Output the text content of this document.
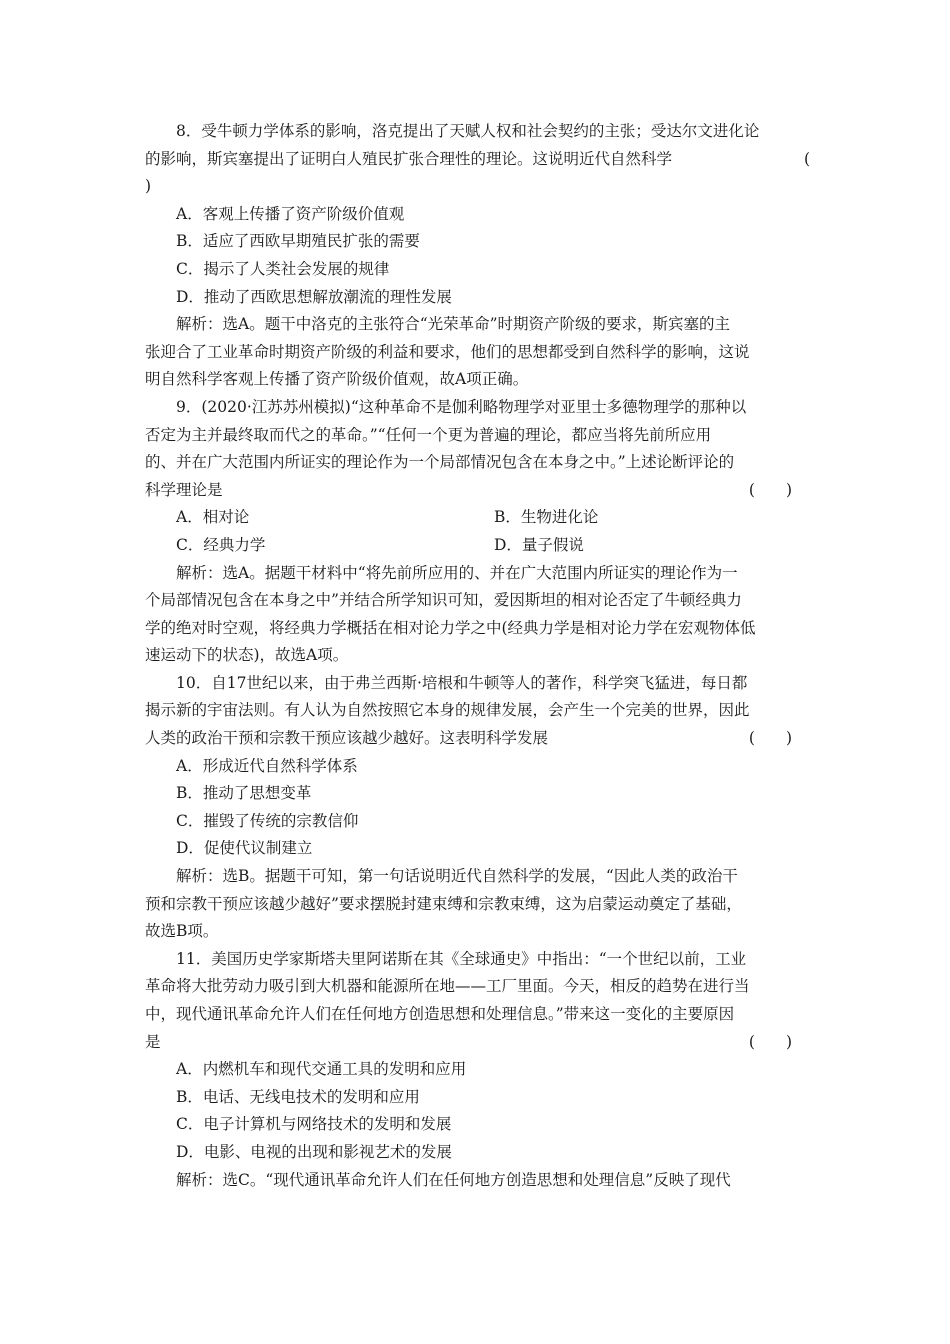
8．受牛顿力学体系的影响，洛克提出了天赋人权和社会契约的主张；受达尔文进化论
的影响，斯宾塞提出了证明白人殖民扩张合理性的理论。这说明近代自然科学	(
)
A．客观上传播了资产阶级价值观
B．适应了西欧早期殖民扩张的需要
C．揭示了人类社会发展的规律
D．推动了西欧思想解放潮流的理性发展
解析：选A。题干中洛克的主张符合“光荣革命”时期资产阶级的要求，斯宾塞的主
张迎合了工业革命时期资产阶级的利益和要求，他们的思想都受到自然科学的影响，这说
明自然科学客观上传播了资产阶级价值观，故A项正确。
9．(2020·江苏苏州模拟)“这种革命不是伽利略物理学对亚里士多德物理学的那种以
否定为主并最终取而代之的革命。”“任何一个更为普遍的理论，都应当将先前所应用
的、并在广大范围内所证实的理论作为一个局部情况包含在本身之中。”上述论断评论的
科学理论是	(　　)
A．相对论	B．生物进化论
C．经典力学	D．量子假说
解析：选A。据题干材料中“将先前所应用的、并在广大范围内所证实的理论作为一
个局部情况包含在本身之中”并结合所学知识可知，爱因斯坦的相对论否定了牛顿经典力
学的绝对时空观，将经典力学概括在相对论力学之中(经典力学是相对论力学在宏观物体低
速运动下的状态)，故选A项。
10．自17世纪以来，由于弗兰西斯·培根和牛顿等人的著作，科学突飞猛进，每日都
揭示新的宇宙法则。有人认为自然按照它本身的规律发展，会产生一个完美的世界，因此
人类的政治干预和宗教干预应该越少越好。这表明科学发展	(　　)
A．形成近代自然科学体系
B．推动了思想变革
C．摧毁了传统的宗教信仰
D．促使代议制建立
解析：选B。据题干可知，第一句话说明近代自然科学的发展，“因此人类的政治干
预和宗教干预应该越少越好”要求摆脱封建束缚和宗教束缚，这为启蒙运动奠定了基础，
故选B项。
11．美国历史学家斯塔夫里阿诺斯在其《全球通史》中指出：“一个世纪以前，工业
革命将大批劳动力吸引到大机器和能源所在地——工厂里面。今天，相反的趋势在进行当
中，现代通讯革命允许人们在任何地方创造思想和处理信息。”带来这一变化的主要原因
是	(　　)
A．内燃机车和现代交通工具的发明和应用
B．电话、无线电技术的发明和应用
C．电子计算机与网络技术的发明和发展
D．电影、电视的出现和影视艺术的发展
解析：选C。“现代通讯革命允许人们在任何地方创造思想和处理信息”反映了现代
